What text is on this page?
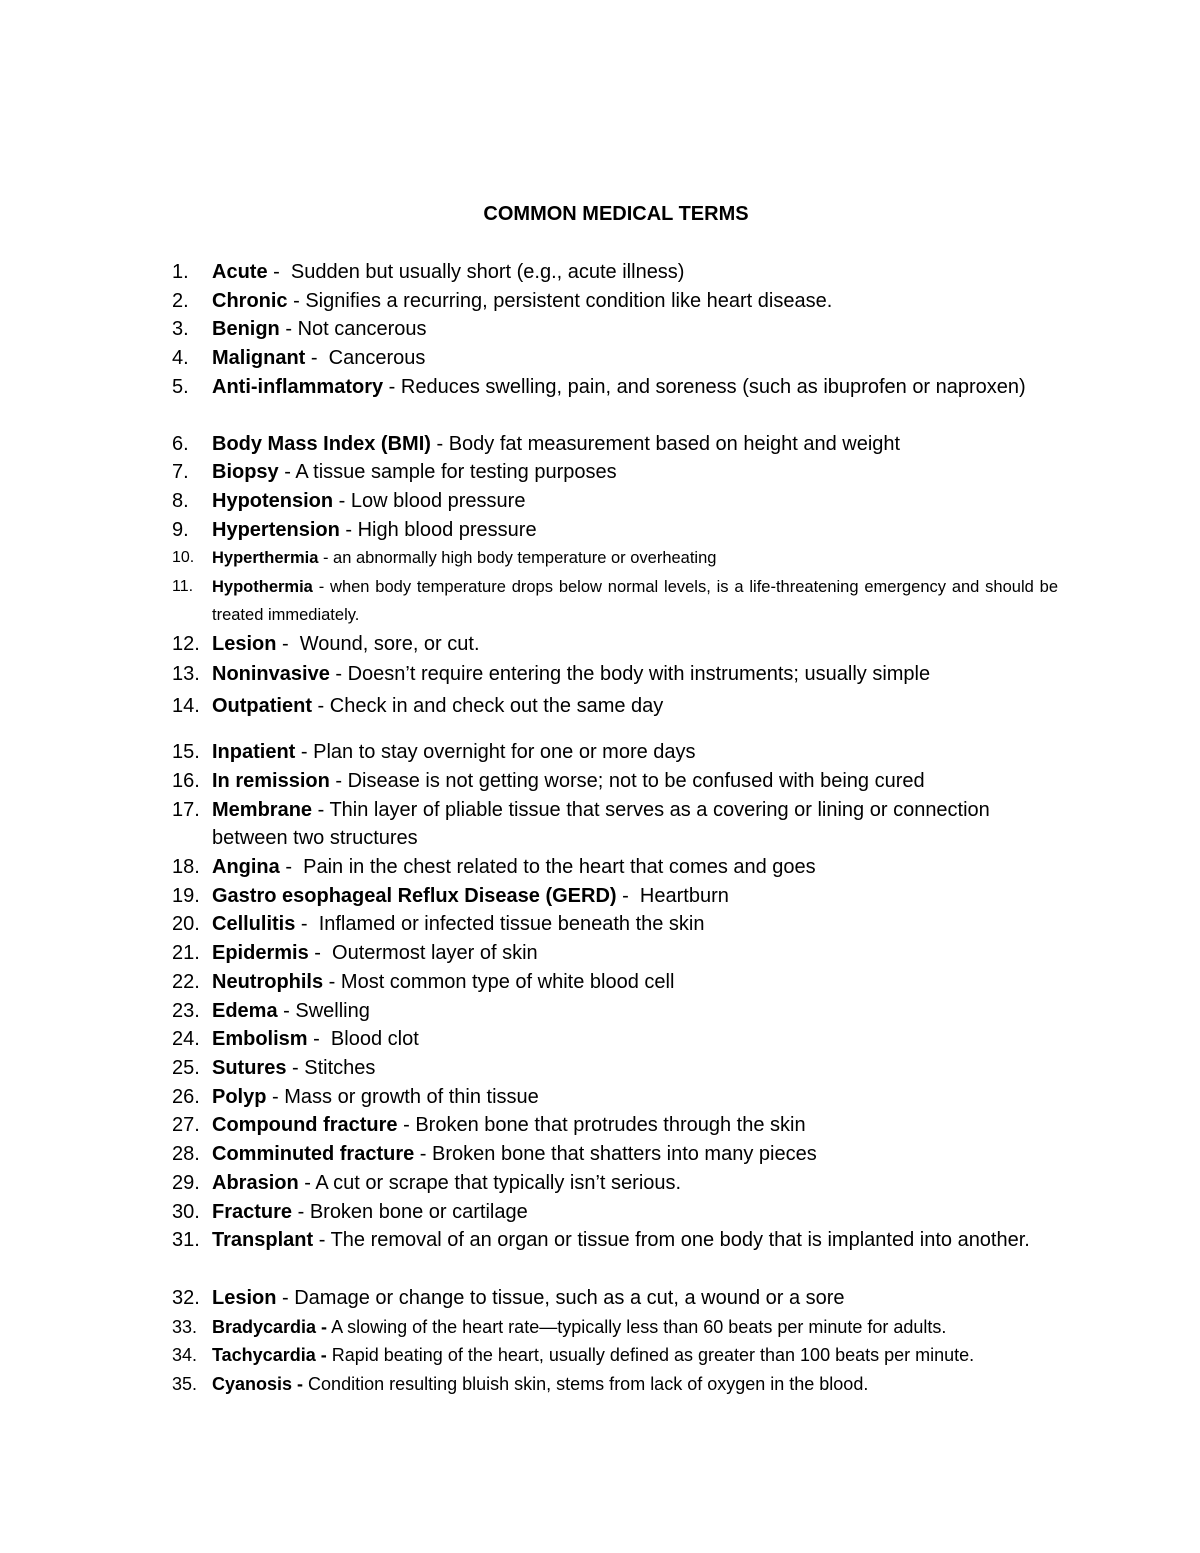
COMMON MEDICAL TERMS
1.	Acute -  Sudden but usually short (e.g., acute illness)
2.	Chronic - Signifies a recurring, persistent condition like heart disease.
3.	Benign - Not cancerous
4.	Malignant -  Cancerous
5.	Anti-inflammatory - Reduces swelling, pain, and soreness (such as ibuprofen or naproxen)
6.	Body Mass Index (BMI) - Body fat measurement based on height and weight
7.	Biopsy - A tissue sample for testing purposes
8.	Hypotension - Low blood pressure
9.	Hypertension - High blood pressure
10.	Hyperthermia - an abnormally high body temperature or overheating
11.	Hypothermia - when body temperature drops below normal levels, is a life-threatening emergency and should be treated immediately.
12. Lesion -  Wound, sore, or cut.
13. Noninvasive - Doesn’t require entering the body with instruments; usually simple
14. Outpatient - Check in and check out the same day
15. Inpatient - Plan to stay overnight for one or more days
16. In remission - Disease is not getting worse; not to be confused with being cured
17. Membrane - Thin layer of pliable tissue that serves as a covering or lining or connection between two structures
18. Angina -  Pain in the chest related to the heart that comes and goes
19. Gastro esophageal Reflux Disease (GERD) -  Heartburn
20. Cellulitis -  Inflamed or infected tissue beneath the skin
21. Epidermis -  Outermost layer of skin
22. Neutrophils - Most common type of white blood cell
23. Edema - Swelling
24. Embolism -  Blood clot
25. Sutures - Stitches
26. Polyp - Mass or growth of thin tissue
27. Compound fracture - Broken bone that protrudes through the skin
28. Comminuted fracture - Broken bone that shatters into many pieces
29. Abrasion - A cut or scrape that typically isn’t serious.
30. Fracture - Broken bone or cartilage
31. Transplant - The removal of an organ or tissue from one body that is implanted into another.
32. Lesion - Damage or change to tissue, such as a cut, a wound or a sore
33. Bradycardia - A slowing of the heart rate—typically less than 60 beats per minute for adults.
34. Tachycardia - Rapid beating of the heart, usually defined as greater than 100 beats per minute.
35. Cyanosis - Condition resulting bluish skin, stems from lack of oxygen in the blood.
